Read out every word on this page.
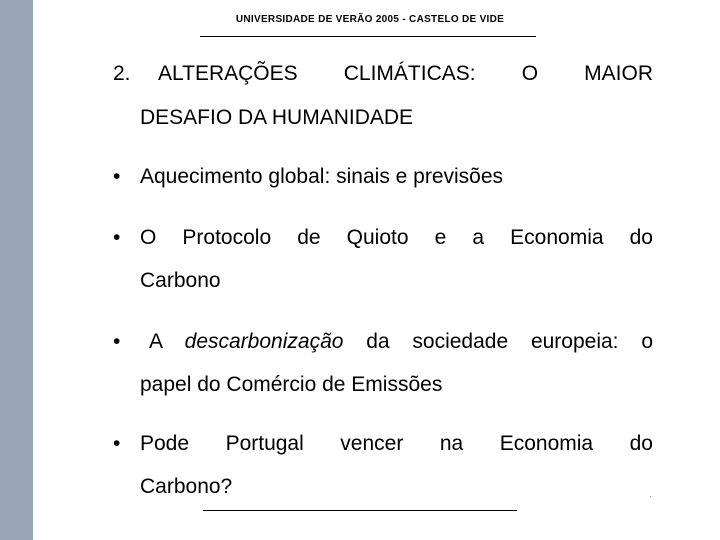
UNIVERSIDADE DE VERÃO 2005 - CASTELO DE VIDE
2. ALTERAÇÕES CLIMÁTICAS: O MAIOR
DESAFIO DA HUMANIDADE
• Aquecimento global: sinais e previsões
• O Protocolo de Quioto e a Economia do
Carbono
• A descarbonização da sociedade europeia: o
papel do Comércio de Emissões
• Pode Portugal vencer na Economia do
Carbono?
